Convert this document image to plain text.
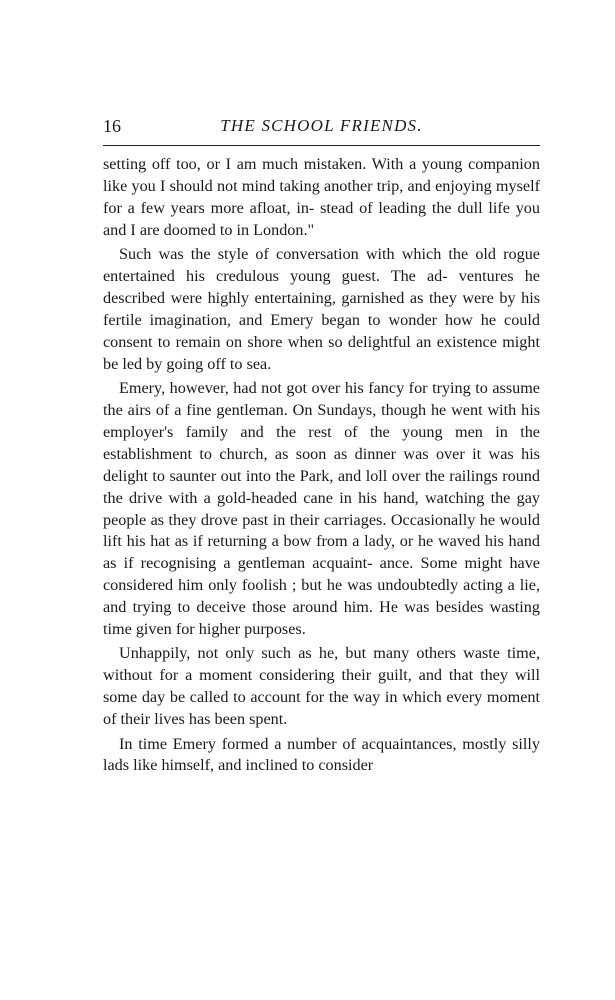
16	THE SCHOOL FRIENDS.

setting off too, or I am much mistaken. With a young companion like you I should not mind taking another trip, and enjoying myself for a few years more afloat, in- stead of leading the dull life you and I are doomed to in London."

Such was the style of conversation with which the old rogue entertained his credulous young guest. The ad- ventures he described were highly entertaining, garnished as they were by his fertile imagination, and Emery began to wonder how he could consent to remain on shore when so delightful an existence might be led by going off to sea.

Emery, however, had not got over his fancy for trying to assume the airs of a fine gentleman. On Sundays, though he went with his employer's family and the rest of the young men in the establishment to church, as soon as dinner was over it was his delight to saunter out into the Park, and loll over the railings round the drive with a gold-headed cane in his hand, watching the gay people as they drove past in their carriages. Occasionally he would lift his hat as if returning a bow from a lady, or he waved his hand as if recognising a gentleman acquaint- ance. Some might have considered him only foolish ; but he was undoubtedly acting a lie, and trying to deceive those around him. He was besides wasting time given for higher purposes.

Unhappily, not only such as he, but many others waste time, without for a moment considering their guilt, and that they will some day be called to account for the way in which every moment of their lives has been spent.

In time Emery formed a number of acquaintances, mostly silly lads like himself, and inclined to consider
